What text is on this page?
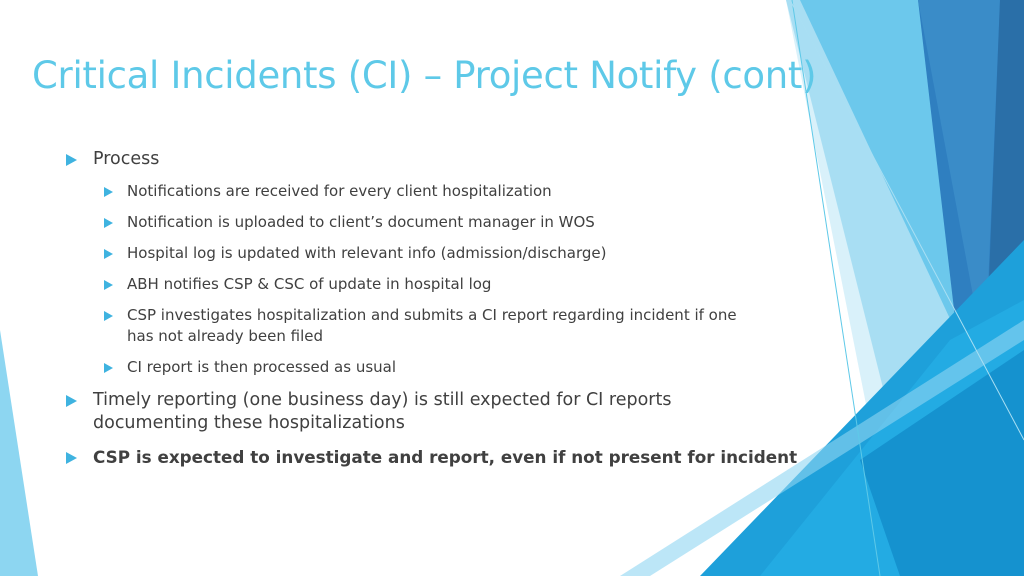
Critical Incidents (CI) – Project Notify (cont)
Process
Notifications are received for every client hospitalization
Notification is uploaded to client’s document manager in WOS
Hospital log is updated with relevant info (admission/discharge)
ABH notifies CSP & CSC of update in hospital log
CSP investigates hospitalization and submits a CI report regarding incident if one has not already been filed
CI report is then processed as usual
Timely reporting (one business day) is still expected for CI reports documenting these hospitalizations
CSP is expected to investigate and report, even if not present for incident
